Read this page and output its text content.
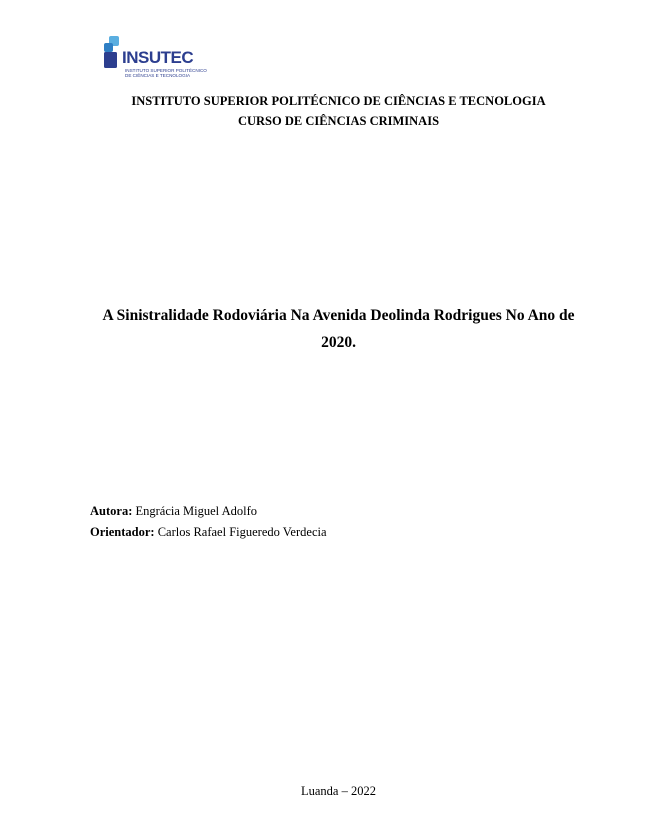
INSUTEC
INSTITUTO SUPERIOR POLITÉCNICO
DE CIÊNCIAS E TECNOLOGIA
INSTITUTO SUPERIOR POLITÉCNICO DE CIÊNCIAS E TECNOLOGIA
CURSO DE CIÊNCIAS CRIMINAIS
A Sinistralidade Rodoviária Na Avenida Deolinda Rodrigues No Ano de
2020.
Autora: Engrácia Miguel Adolfo
Orientador: Carlos Rafael Figueredo Verdecia
Luanda – 2022
